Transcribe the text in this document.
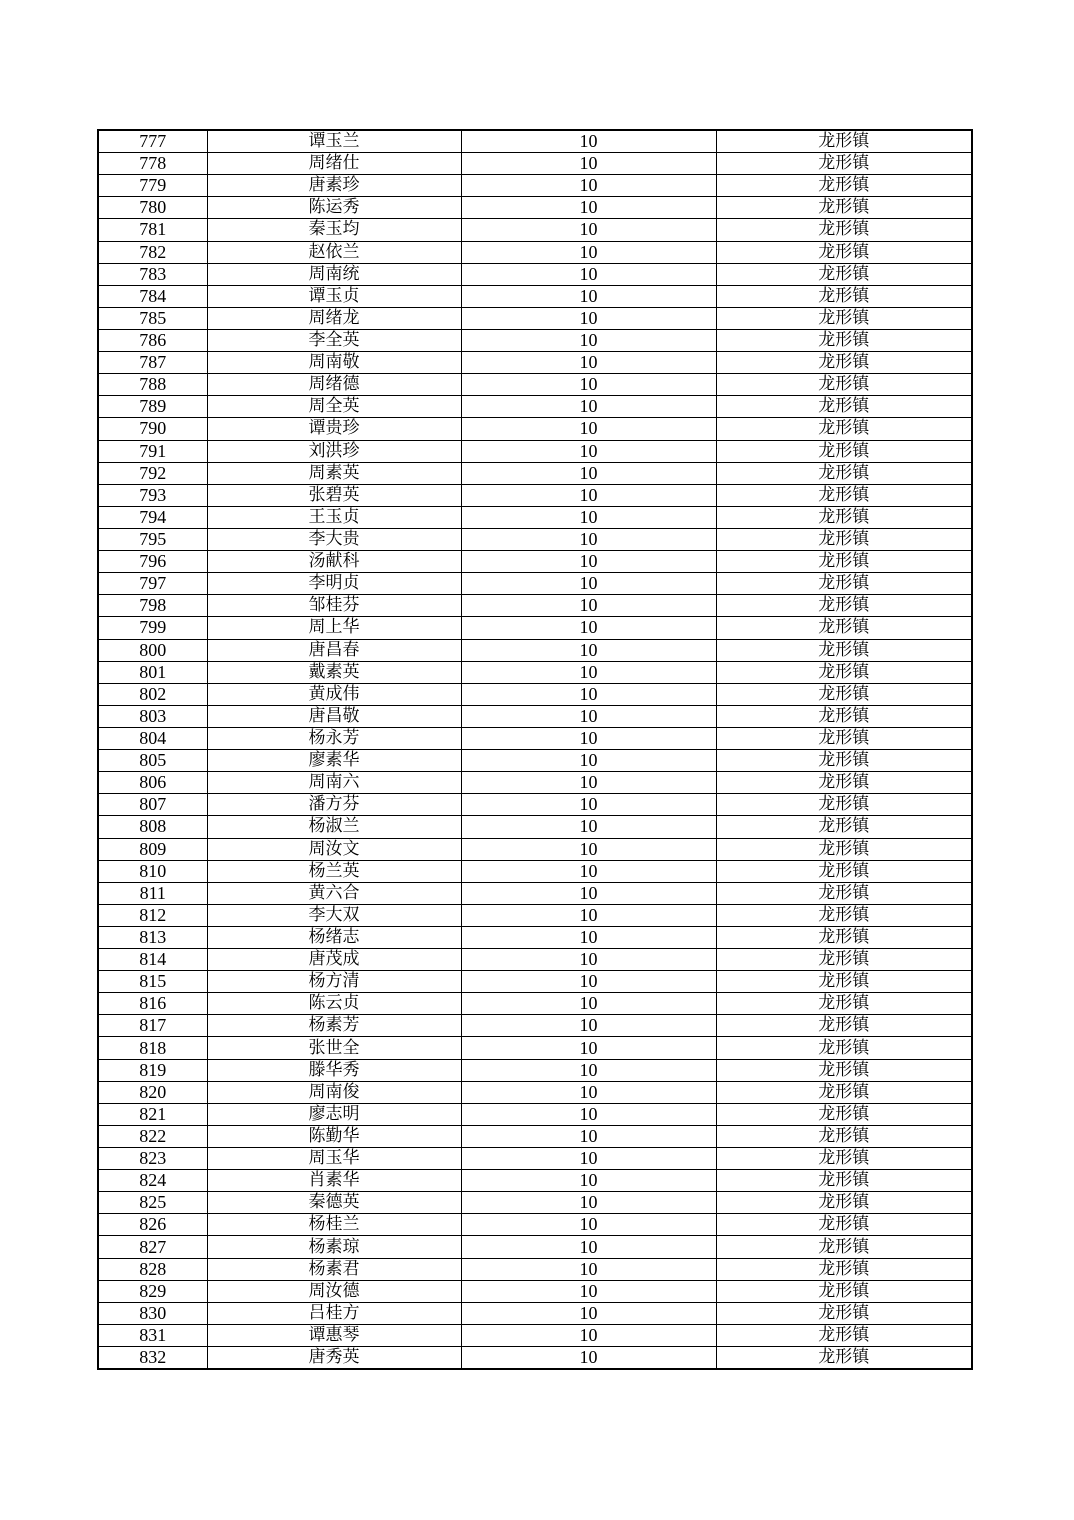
777	谭玉兰	10	龙形镇
778	周绪仕	10	龙形镇
779	唐素珍	10	龙形镇
780	陈运秀	10	龙形镇
781	秦玉均	10	龙形镇
782	赵依兰	10	龙形镇
783	周南统	10	龙形镇
784	谭玉贞	10	龙形镇
785	周绪龙	10	龙形镇
786	李全英	10	龙形镇
787	周南敬	10	龙形镇
788	周绪德	10	龙形镇
789	周全英	10	龙形镇
790	谭贵珍	10	龙形镇
791	刘洪珍	10	龙形镇
792	周素英	10	龙形镇
793	张碧英	10	龙形镇
794	王玉贞	10	龙形镇
795	李大贵	10	龙形镇
796	汤献科	10	龙形镇
797	李明贞	10	龙形镇
798	邹桂芬	10	龙形镇
799	周上华	10	龙形镇
800	唐昌春	10	龙形镇
801	戴素英	10	龙形镇
802	黄成伟	10	龙形镇
803	唐昌敬	10	龙形镇
804	杨永芳	10	龙形镇
805	廖素华	10	龙形镇
806	周南六	10	龙形镇
807	潘方芬	10	龙形镇
808	杨淑兰	10	龙形镇
809	周汝文	10	龙形镇
810	杨兰英	10	龙形镇
811	黄六合	10	龙形镇
812	李大双	10	龙形镇
813	杨绪志	10	龙形镇
814	唐茂成	10	龙形镇
815	杨方清	10	龙形镇
816	陈云贞	10	龙形镇
817	杨素芳	10	龙形镇
818	张世全	10	龙形镇
819	滕华秀	10	龙形镇
820	周南俊	10	龙形镇
821	廖志明	10	龙形镇
822	陈勤华	10	龙形镇
823	周玉华	10	龙形镇
824	肖素华	10	龙形镇
825	秦德英	10	龙形镇
826	杨桂兰	10	龙形镇
827	杨素琼	10	龙形镇
828	杨素君	10	龙形镇
829	周汝德	10	龙形镇
830	吕桂方	10	龙形镇
831	谭惠琴	10	龙形镇
832	唐秀英	10	龙形镇
